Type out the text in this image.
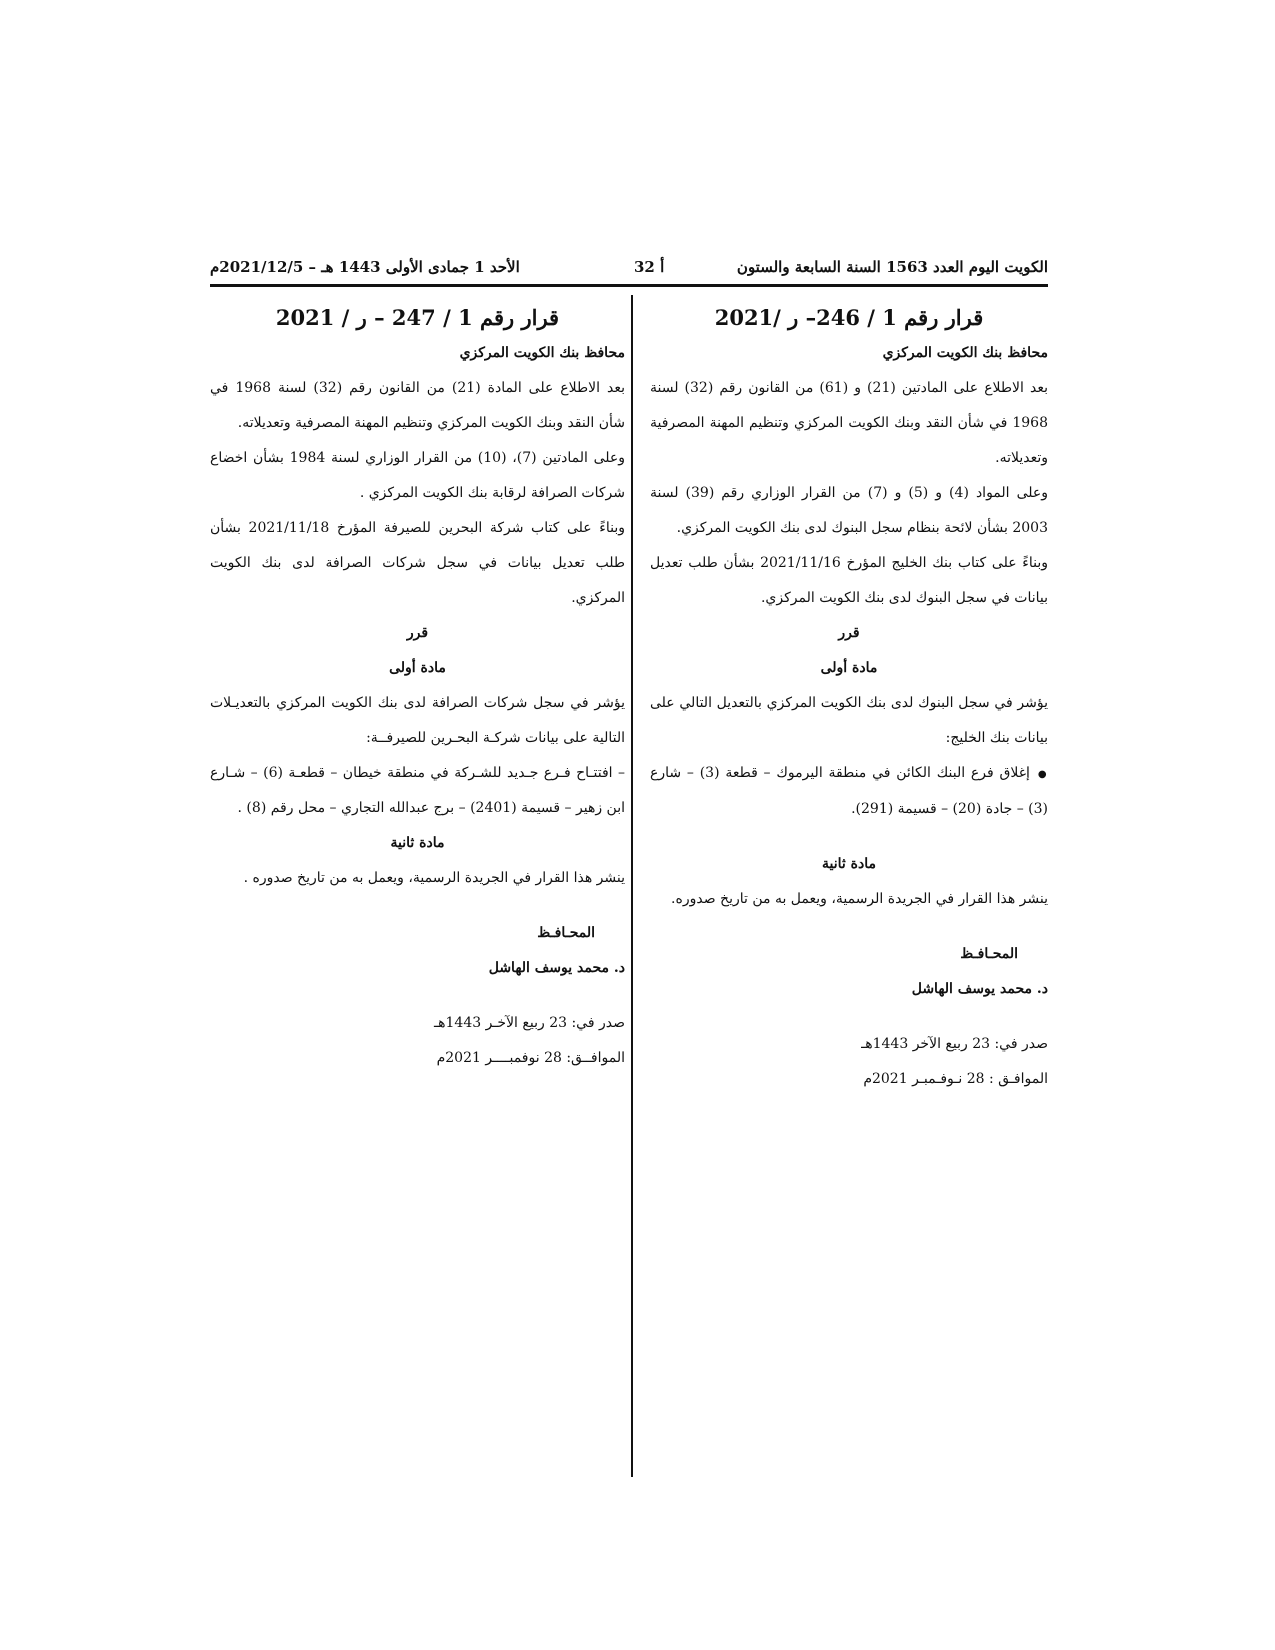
الكويت اليوم العدد 1563 السنة السابعة والستون
أ 32
الأحد 1 جمادى الأولى 1443 هـ – 2021/12/5م

قرار رقم 1 / 246– ر /2021

محافظ بنك الكويت المركزي

بعد الاطلاع على المادتين (21) و (61) من القانون رقم (32) لسنة 1968 في شأن النقد وبنك الكويت المركزي وتنظيم المهنة المصرفية وتعديلاته.

وعلى المواد (4) و (5) و (7) من القرار الوزاري رقم (39) لسنة 2003 بشأن لائحة بنظام سجل البنوك لدى بنك الكويت المركزي.

وبناءً على كتاب بنك الخليج المؤرخ 2021/11/16 بشأن طلب تعديل بيانات في سجل البنوك لدى بنك الكويت المركزي.

قرر

مادة أولى

يؤشر في سجل البنوك لدى بنك الكويت المركزي بالتعديل التالي على بيانات بنك الخليج:

● إغلاق فرع البنك الكائن في منطقة اليرموك – قطعة (3) – شارع (3) – جادة (20) – قسيمة (291).

مادة ثانية

ينشر هذا القرار في الجريدة الرسمية، ويعمل به من تاريخ صدوره.

المحـافـظ

د. محمد يوسف الهاشل

صدر في: 23 ربيع الآخر 1443هـ

الموافـق : 28 نـوفـمبـر 2021م

قرار رقم 1 / 247 – ر / 2021

محافظ بنك الكويت المركزي

بعد الاطلاع على المادة (21) من القانون رقم (32) لسنة 1968 في شأن النقد وبنك الكويت المركزي وتنظيم المهنة المصرفية وتعديلاته.

وعلى المادتين (7)، (10) من القرار الوزاري لسنة 1984 بشأن اخضاع شركات الصرافة لرقابة بنك الكويت المركزي .

وبناءً على كتاب شركة البحرين للصيرفة المؤرخ 2021/11/18 بشأن طلب تعديل بيانات في سجل شركات الصرافة لدى بنك الكويت المركزي.

قرر

مادة أولى

يؤشر في سجل شركات الصرافة لدى بنك الكويت المركزي بالتعديـلات التالية على بيانات شركـة البحـرين للصيرفــة:

– افتتـاح فـرع جـديد للشـركة في منطقة خيطان – قطعـة (6) – شـارع ابن زهير – قسيمة (2401) – برج عبدالله التجاري – محل رقم (8) .

مادة ثانية

ينشر هذا القرار في الجريدة الرسمية، ويعمل به من تاريخ صدوره .

المحـافـظ

د. محمد يوسف الهاشل

صدر في: 23 ربيع الآخـر 1443هـ

الموافــق: 28 نوفمبــــر 2021م
